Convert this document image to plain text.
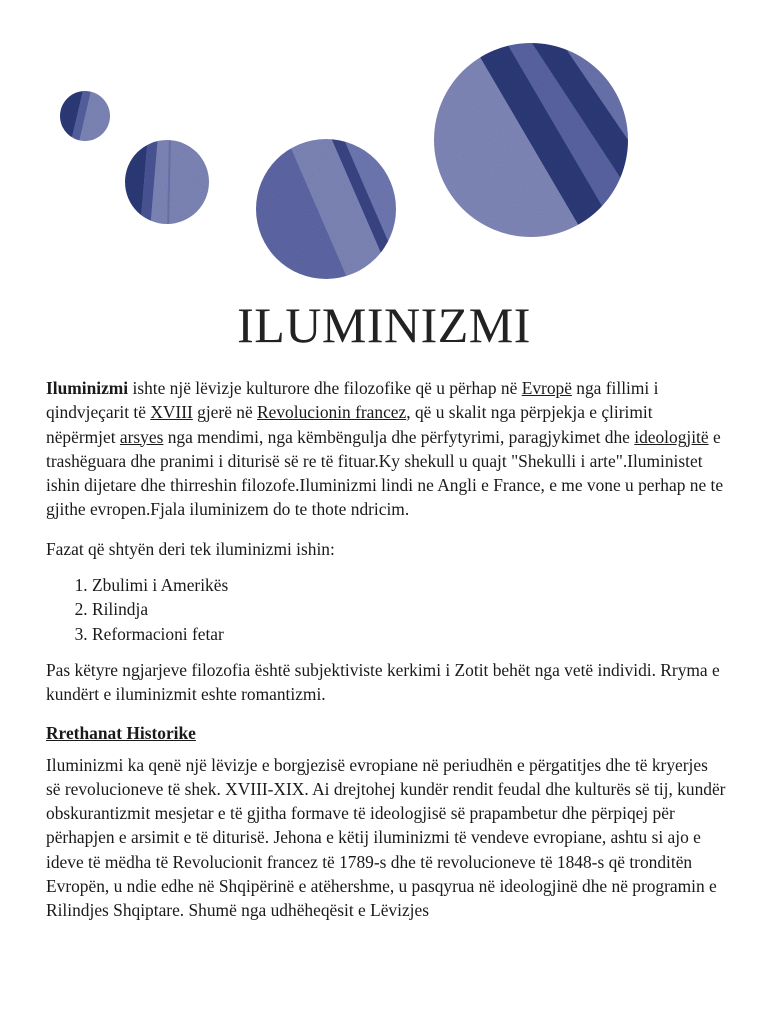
ILUMINIZMI

Iluminizmi ishte një lëvizje kulturore dhe filozofike që u përhap në Evropë nga fillimi i qindvjeçarit të XVIII gjerë në Revolucionin francez, që u skalit nga përpjekja e çlirimit nëpërmjet arsyes nga mendimi, nga këmbëngulja dhe përfytyrimi, paragjykimet dhe ideologjitë e trashëguara dhe pranimi i diturisë së re të fituar.Ky shekull u quajt "Shekulli i arte".Iluministet ishin dijetare dhe thirreshin filozofe.Iluminizmi lindi ne Angli e France, e me vone u perhap ne te gjithe evropen.Fjala iluminizem do te thote ndricim.

Fazat që shtyën deri tek iluminizmi ishin:

1. Zbulimi i Amerikës
2. Rilindja
3. Reformacioni fetar

Pas këtyre ngjarjeve filozofia është subjektiviste kerkimi i Zotit behët nga vetë individi. Rryma e kundërt e iluminizmit eshte romantizmi.

Rrethanat Historike

Iluminizmi ka qenë një lëvizje e borgjezisë evropiane në periudhën e përgatitjes dhe të kryerjes së revolucioneve të shek. XVIII-XIX. Ai drejtohej kundër rendit feudal dhe kulturës së tij, kundër obskurantizmit mesjetar e të gjitha formave të ideologjisë së prapambetur dhe përpiqej për përhapjen e arsimit e të diturisë. Jehona e këtij iluminizmi të vendeve evropiane, ashtu si ajo e ideve të mëdha të Revolucionit francez të 1789-s dhe të revolucioneve të 1848-s që tronditën Evropën, u ndie edhe në Shqipërinë e atëhershme, u pasqyrua në ideologjinë dhe në programin e Rilindjes Shqiptare. Shumë nga udhëheqësit e Lëvizjes
